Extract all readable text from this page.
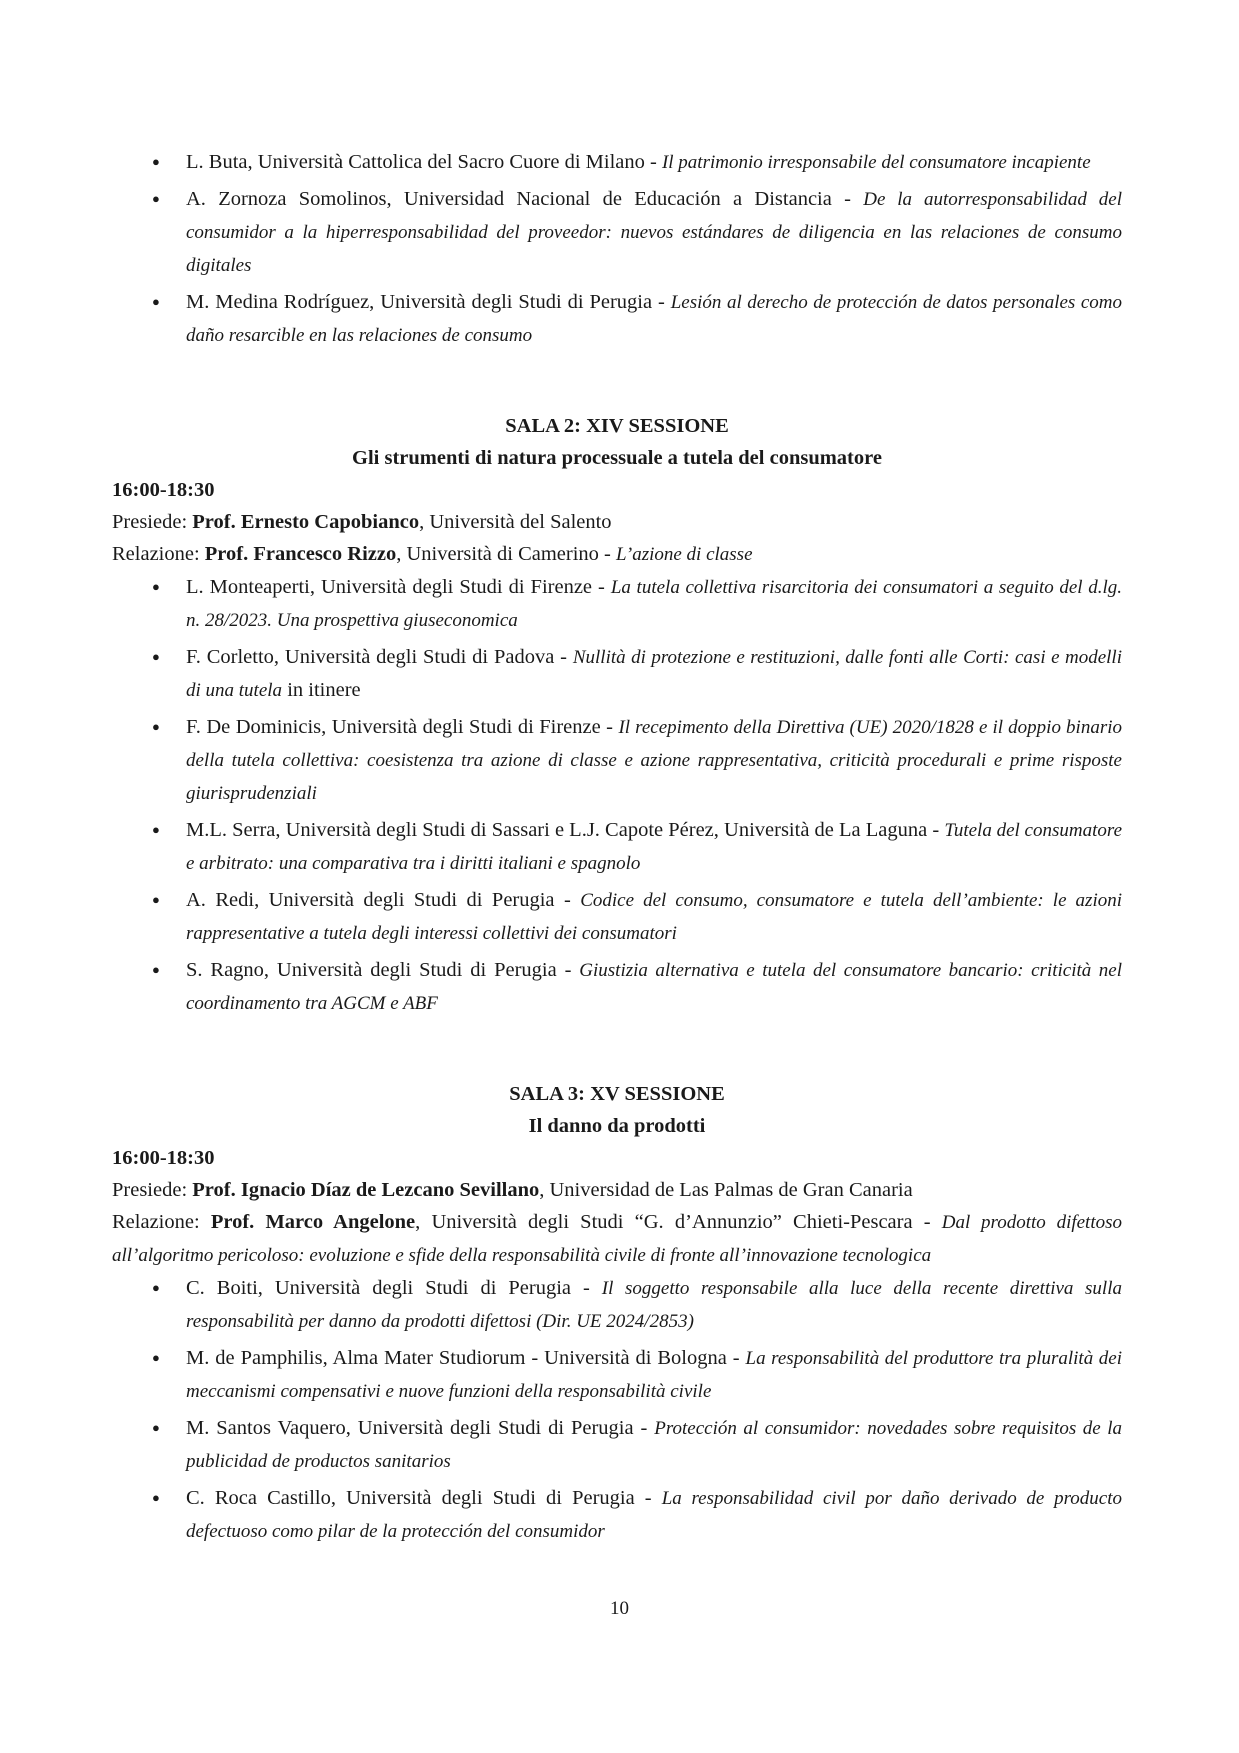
● L. Buta, Università Cattolica del Sacro Cuore di Milano - Il patrimonio irresponsabile del consumatore incapiente
● A. Zornoza Somolinos, Universidad Nacional de Educación a Distancia - De la autorresponsabilidad del consumidor a la hiperresponsabilidad del proveedor: nuevos estándares de diligencia en las relaciones de consumo digitales
● M. Medina Rodríguez, Università degli Studi di Perugia - Lesión al derecho de protección de datos personales como daño resarcible en las relaciones de consumo
SALA 2: XIV SESSIONE
Gli strumenti di natura processuale a tutela del consumatore
16:00-18:30
Presiede: Prof. Ernesto Capobianco, Università del Salento
Relazione: Prof. Francesco Rizzo, Università di Camerino - L’azione di classe
● L. Monteaperti, Università degli Studi di Firenze - La tutela collettiva risarcitoria dei consumatori a seguito del d.lg. n. 28/2023. Una prospettiva giuseconomica
● F. Corletto, Università degli Studi di Padova - Nullità di protezione e restituzioni, dalle fonti alle Corti: casi e modelli di una tutela in itinere
● F. De Dominicis, Università degli Studi di Firenze - Il recepimento della Direttiva (UE) 2020/1828 e il doppio binario della tutela collettiva: coesistenza tra azione di classe e azione rappresentativa, criticità procedurali e prime risposte giurisprudenziali
● M.L. Serra, Università degli Studi di Sassari e L.J. Capote Pérez, Università de La Laguna - Tutela del consumatore e arbitrato: una comparativa tra i diritti italiani e spagnolo
● A. Redi, Università degli Studi di Perugia - Codice del consumo, consumatore e tutela dell’ambiente: le azioni rappresentative a tutela degli interessi collettivi dei consumatori
● S. Ragno, Università degli Studi di Perugia - Giustizia alternativa e tutela del consumatore bancario: criticità nel coordinamento tra AGCM e ABF
SALA 3: XV SESSIONE
Il danno da prodotti
16:00-18:30
Presiede: Prof. Ignacio Díaz de Lezcano Sevillano, Universidad de Las Palmas de Gran Canaria
Relazione: Prof. Marco Angelone, Università degli Studi “G. d’Annunzio” Chieti-Pescara - Dal prodotto difettoso all’algoritmo pericoloso: evoluzione e sfide della responsabilità civile di fronte all’innovazione tecnologica
● C. Boiti, Università degli Studi di Perugia - Il soggetto responsabile alla luce della recente direttiva sulla responsabilità per danno da prodotti difettosi (Dir. UE 2024/2853)
● M. de Pamphilis, Alma Mater Studiorum - Università di Bologna - La responsabilità del produttore tra pluralità dei meccanismi compensativi e nuove funzioni della responsabilità civile
● M. Santos Vaquero, Università degli Studi di Perugia - Protección al consumidor: novedades sobre requisitos de la publicidad de productos sanitarios
● C. Roca Castillo, Università degli Studi di Perugia - La responsabilidad civil por daño derivado de producto defectuoso como pilar de la protección del consumidor
10
